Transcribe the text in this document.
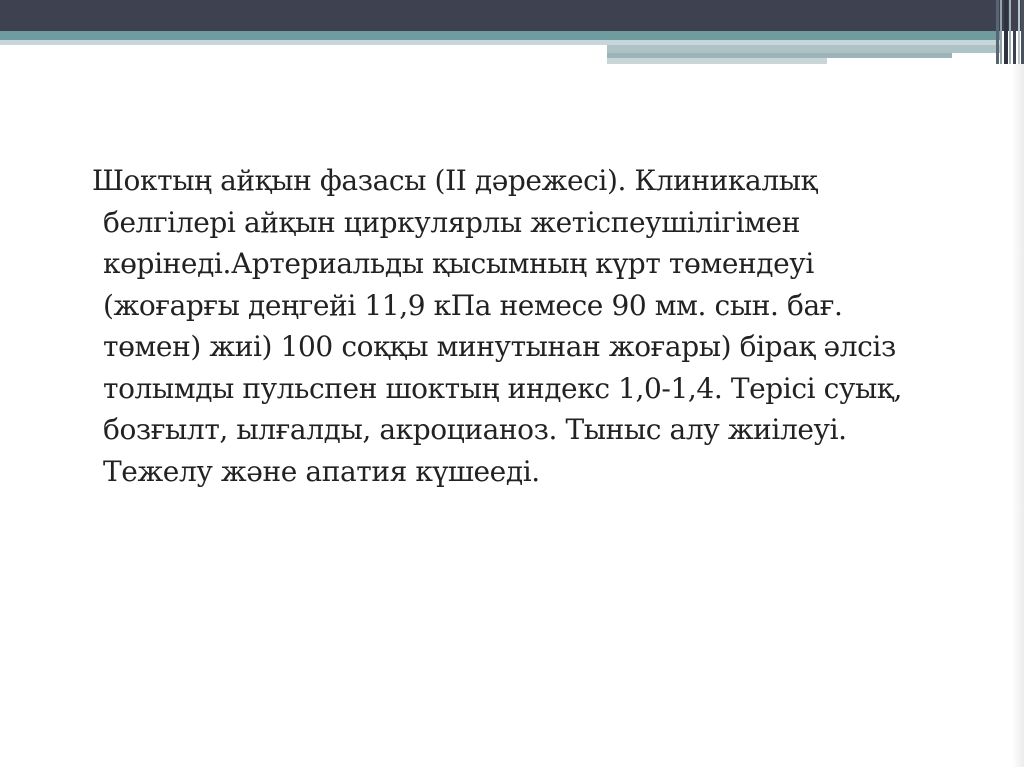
Шоктың айқын фазасы (ІІ дәрежесі). Клиникалық белгілері айқын циркулярлы жетіспеушілігімен көрінеді.Артериальды қысымның күрт төмендеуі (жоғарғы деңгейі 11,9 кПа немесе 90 мм. сын. бағ. төмен) жиі) 100 соққы минутынан жоғары) бірақ әлсіз толымды пульспен шоктың индекс 1,0-1,4. Терісі суық, бозғылт, ылғалды, акроцианоз. Тыныс алу жиілеуі. Тежелу және апатия күшееді.
